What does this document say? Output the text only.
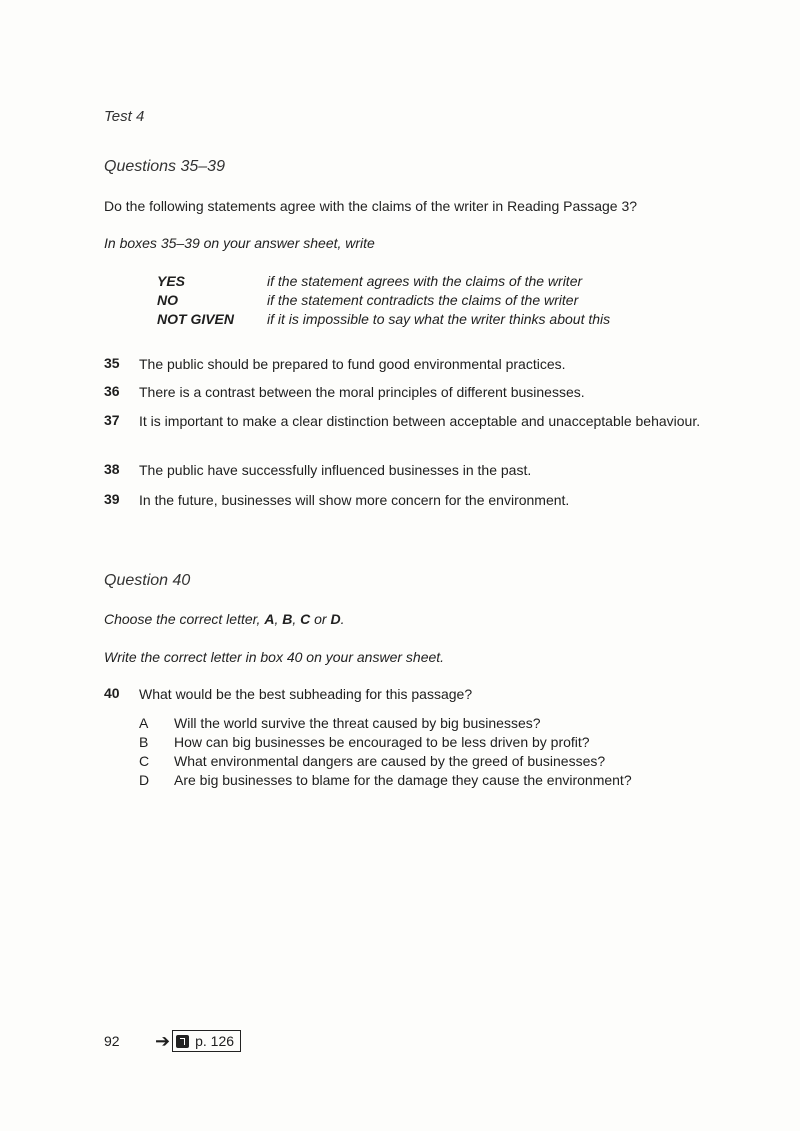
Test 4
Questions 35–39
Do the following statements agree with the claims of the writer in Reading Passage 3?
In boxes 35–39 on your answer sheet, write
YES	if the statement agrees with the claims of the writer
NO	if the statement contradicts the claims of the writer
NOT GIVEN	if it is impossible to say what the writer thinks about this
35	The public should be prepared to fund good environmental practices.
36	There is a contrast between the moral principles of different businesses.
37	It is important to make a clear distinction between acceptable and unacceptable behaviour.
38	The public have successfully influenced businesses in the past.
39	In the future, businesses will show more concern for the environment.
Question 40
Choose the correct letter, A, B, C or D.
Write the correct letter in box 40 on your answer sheet.
40	What would be the best subheading for this passage?
A	Will the world survive the threat caused by big businesses?
B	How can big businesses be encouraged to be less driven by profit?
C	What environmental dangers are caused by the greed of businesses?
D	Are big businesses to blame for the damage they cause the environment?
92 ➔ p. 126
